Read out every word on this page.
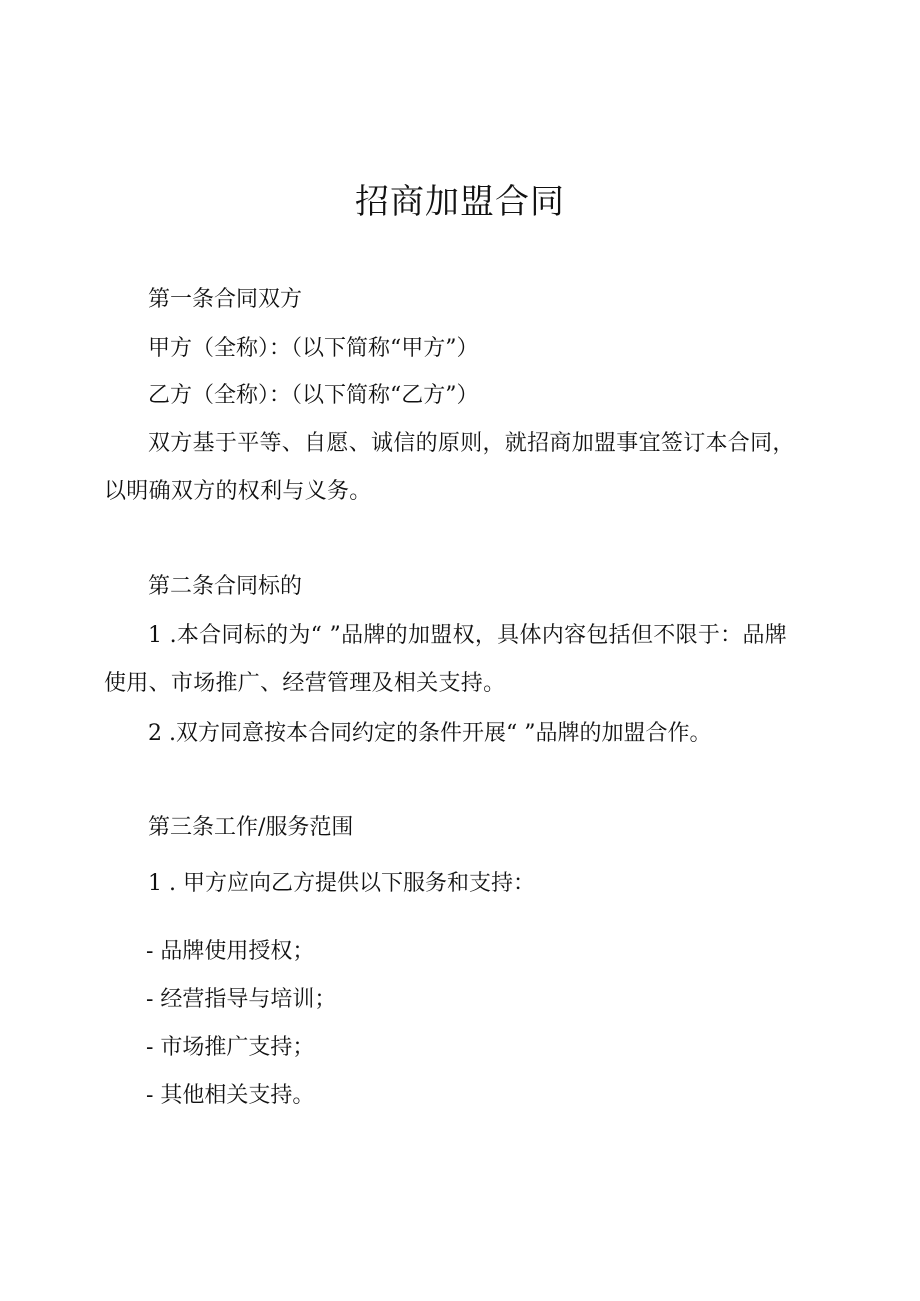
招商加盟合同
第一条合同双方
甲方（全称）：（以下简称“甲方”）
乙方（全称）：（以下简称“乙方”）
双方基于平等、自愿、诚信的原则，就招商加盟事宜签订本合同，以明确双方的权利与义务。
第二条合同标的
1 .本合同标的为“ ”品牌的加盟权，具体内容包括但不限于：品牌使用、市场推广、经营管理及相关支持。
2 .双方同意按本合同约定的条件开展“ ”品牌的加盟合作。
第三条工作/服务范围
1 . 甲方应向乙方提供以下服务和支持：
- 品牌使用授权；
- 经营指导与培训；
- 市场推广支持；
- 其他相关支持。
